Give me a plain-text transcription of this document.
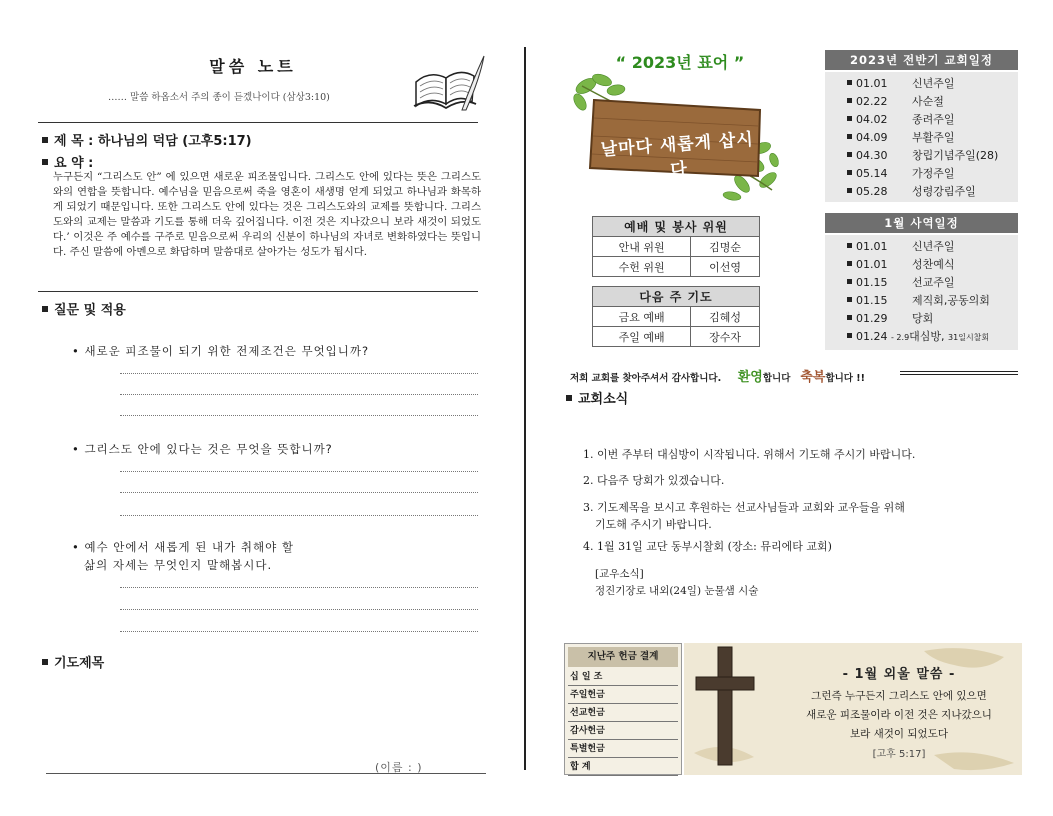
말씀 노트
…… 말씀 하옵소서 주의 종이 듣겠나이다 (삼상3:10)
제 목 : 하나님의 덕담 (고후5:17)
요 약 :
누구든지 “그리스도 안” 에 있으면 새로운 피조물입니다. 그리스도 안에 있다는 뜻은 그리스도와의 연합을 뜻합니다. 예수님을 믿음으로써 죽을 영혼이 새생명 얻게 되었고 하나님과 화목하게 되었기 때문입니다. 또한 그리스도 안에 있다는 것은 그리스도와의 교제를 뜻합니다. 그리스도와의 교제는 말씀과 기도를 통해 더욱 깊어집니다. 이전 것은 지나갔으니 보라 새것이 되었도다.’ 이것은 주 예수를 구주로 믿음으로써 우리의 신분이 하나님의 자녀로 변화하였다는 뜻입니다. 주신 말씀에 아멘으로 화답하며 말씀대로 살아가는 성도가 됩시다.
질문 및 적용
• 새로운 피조물이 되기 위한 전제조건은 무엇입니까?
• 그리스도 안에 있다는 것은 무엇을 뜻합니까?
• 예수 안에서 새롭게 된 내가 취해야 할
삶의 자세는 무엇인지 말해봅시다.
기도제목
(이름 : )
“ 2023년 표어 ”
날마다 새롭게 삽시다
예배 및 봉사 위원	
안내 위원	김명순
수헌 위원	이선영
다음 주 기도	
금요 예배	김혜성
주일 예배	장수자
2023년 전반기 교회일정
01.01 신년주일
02.22 사순절
04.02 종려주일
04.09 부활주일
04.30 창립기념주일(28)
05.14 가정주일
05.28 성령강림주일
1월 사역일정
01.01 신년주일
01.01 성찬예식
01.15 선교주일
01.15 제직회,공동의회
01.29 당회
01.24 - 2.9대심방, 31일시찰회
저희 교회를 찾아주셔서 감사합니다. 환영합니다 축복합니다 !!
교회소식
1. 이번 주부터 대심방이 시작됩니다. 위해서 기도해 주시기 바랍니다.
2. 다음주 당회가 있겠습니다.
3. 기도제목을 보시고 후원하는 선교사님들과 교회와 교우들을 위해
기도해 주시기 바랍니다.
4. 1월 31일 교단 동부시찰회 (장소: 뮤리에타 교회)
[교우소식]
정진기장로 내외(24일) 눈물샘 시술
지난주 헌금 결계
십 일 조
주일헌금
선교헌금
감사헌금
특별헌금
합 계
- 1월 외울 말씀 -
그런즉 누구든지 그리스도 안에 있으면
새로운 피조물이라 이전 것은 지나갔으니
보라 새것이 되었도다
[고후 5:17]
